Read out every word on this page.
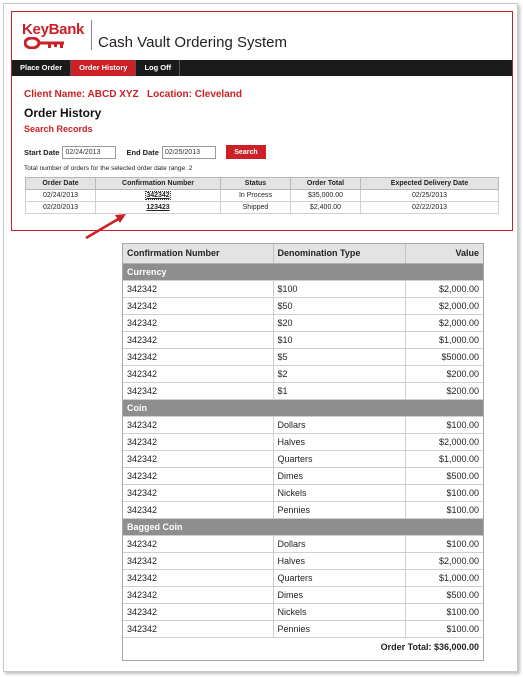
KeyBank
Cash Vault Ordering System
Place Order	Order History	Log Off
Client Name: ABCD XYZ   Location: Cleveland
Order History
Search Records
Start Date
02/24/2013	End Date
02/25/2013	Search
Total number of orders for the selected order date range: 2
Order Date	Confirmation Number	Status	Order Total	Expected Delivery Date
02/24/2013	342342	In Process	$35,000.00	02/25/2013
02/20/2013	123423	Shipped	$2,400.00	02/22/2013
Confirmation Number	Denomination Type	Value
Currency		
342342	$100	$2,000.00
342342	$50	$2,000.00
342342	$20	$2,000.00
342342	$10	$1,000.00
342342	$5	$5000.00
342342	$2	$200.00
342342	$1	$200.00
Coin		
342342	Dollars	$100.00
342342	Halves	$2,000.00
342342	Quarters	$1,000.00
342342	Dimes	$500.00
342342	Nickels	$100.00
342342	Pennies	$100.00
Bagged Coin		
342342	Dollars	$100.00
342342	Halves	$2,000.00
342342	Quarters	$1,000.00
342342	Dimes	$500.00
342342	Nickels	$100.00
342342	Pennies	$100.00
Order Total: $36,000.00		
